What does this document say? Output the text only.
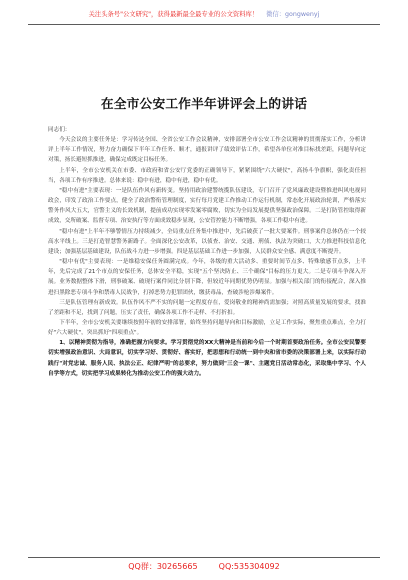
关注头条号"公文研究"，获得最新最全最专业的公文资料库！ 微信：gongwenyj
在全市公安工作半年讲评会上的讲话

同志们：

今天会议的主要任务是：学习传达全国、全省公安工作会议精神，安排部署全市公安工作会议精神的贯彻落实工作，分析讲评上半年工作情况，努力奋力确保下半年工作任务、顺才，通报讲评了绩效评估工作，希望各单位对准目标找差距，问题导向定对策，扬长避短抓推进，确保完成既定目标任务。

上半年，全市公安机关在市委、市政府和省公安厅党委的正确领导下，紧紧围绕"六大硬仗"，高扬斗争旗帜，强化责任担当，各项工作有序推进。总体来说：稳中有进，稳中有进，稳中有优。

"稳中有进"主要表现：一是队伍作风有新转变。坚持用政治建警统揽队伍建设，专门召开了党风廉政建设暨推进纠风电视问政会，印发了政治工作要点，健全了政治警衔管理制度，实行每月党建工作推动工作运行机制，常态化开展政治轮训，严格落实警务作风大五大，官警主义的长效机制，提前成功实现零发案零腐败，切实为全局发展提供坚强政治保障。二是打防管控取得新成效，交所破案、监督专项、治安执行等方面成效稳步显现，公安管控能力不断增强，各项工作稳中有进。

"稳中有进"上半年不够警情压力持续减少，全局重点任务集中推进中，先后破获了一批大要案件。刑事案件总体仍在一个较高水平线上。三是打造智慧警务新路子。全面深化公安改革，以侦查、治安、交通、刑侦、执法为突破口，大力推进科技信息化建设；加强基层基础建设，队伍战斗力进一步增强。四是基层基础工作进一步加强，人民群众安全感、满意度不断提升。

"稳中有优"主要表现：一是维稳安保任务圆满完成。今年，各级的重大活动多、重要时间节点多、特殊敏感节点多，上半年，先后完成了21个市点的安保任务，总体安全平稳，实现"五个坚决防止、三个确保"目标的压力更大。二是专项斗争深入开展。业务数据整体下滑，刑事破案、破现行案件同比分别下降，但较近年同期优势仍明显。加强与相关部门的衔接配合，深入推进扫黑除恶专项斗争和禁毒人民战争，打掉恶势力犯罪团伙，缴获毒品，查破涉枪涉爆案件。

三是队伍管理有新成效。队伍作风不严不实的问题一定程度存在，爱岗敬业的精神尚需加强；对照高质量发展的要求，找准了差距和不足，找到了问题，压实了责任，确保各项工作不走样、不打折扣。

下半年，全市公安机关要继续按照年初的安排部署，始终坚持问题导向和目标激励，立足工作实际，聚焦重点难点，全力打好"六大硬仗"，突出抓好"四项重点"。

1、以精神贯彻为指导，准确把握方向要求。学习贯彻党的XX大精神是当前和今后一个时期首要政治任务。全市公安民警要切实增强政治意识、大局意识，切实学习好、贯彻好、落实好，把思想和行动统一到中央和省市委的决策部署上来，以实际行动践行"对党忠诚、服务人民、执法公正、纪律严明"的总要求，努力做到"三会一课"、主题党日活动常态化，采取集中学习、个人自学等方式，切实把学习成果转化为推动公安工作的强大动力。

QQ群：30265665	QQ:535304092
